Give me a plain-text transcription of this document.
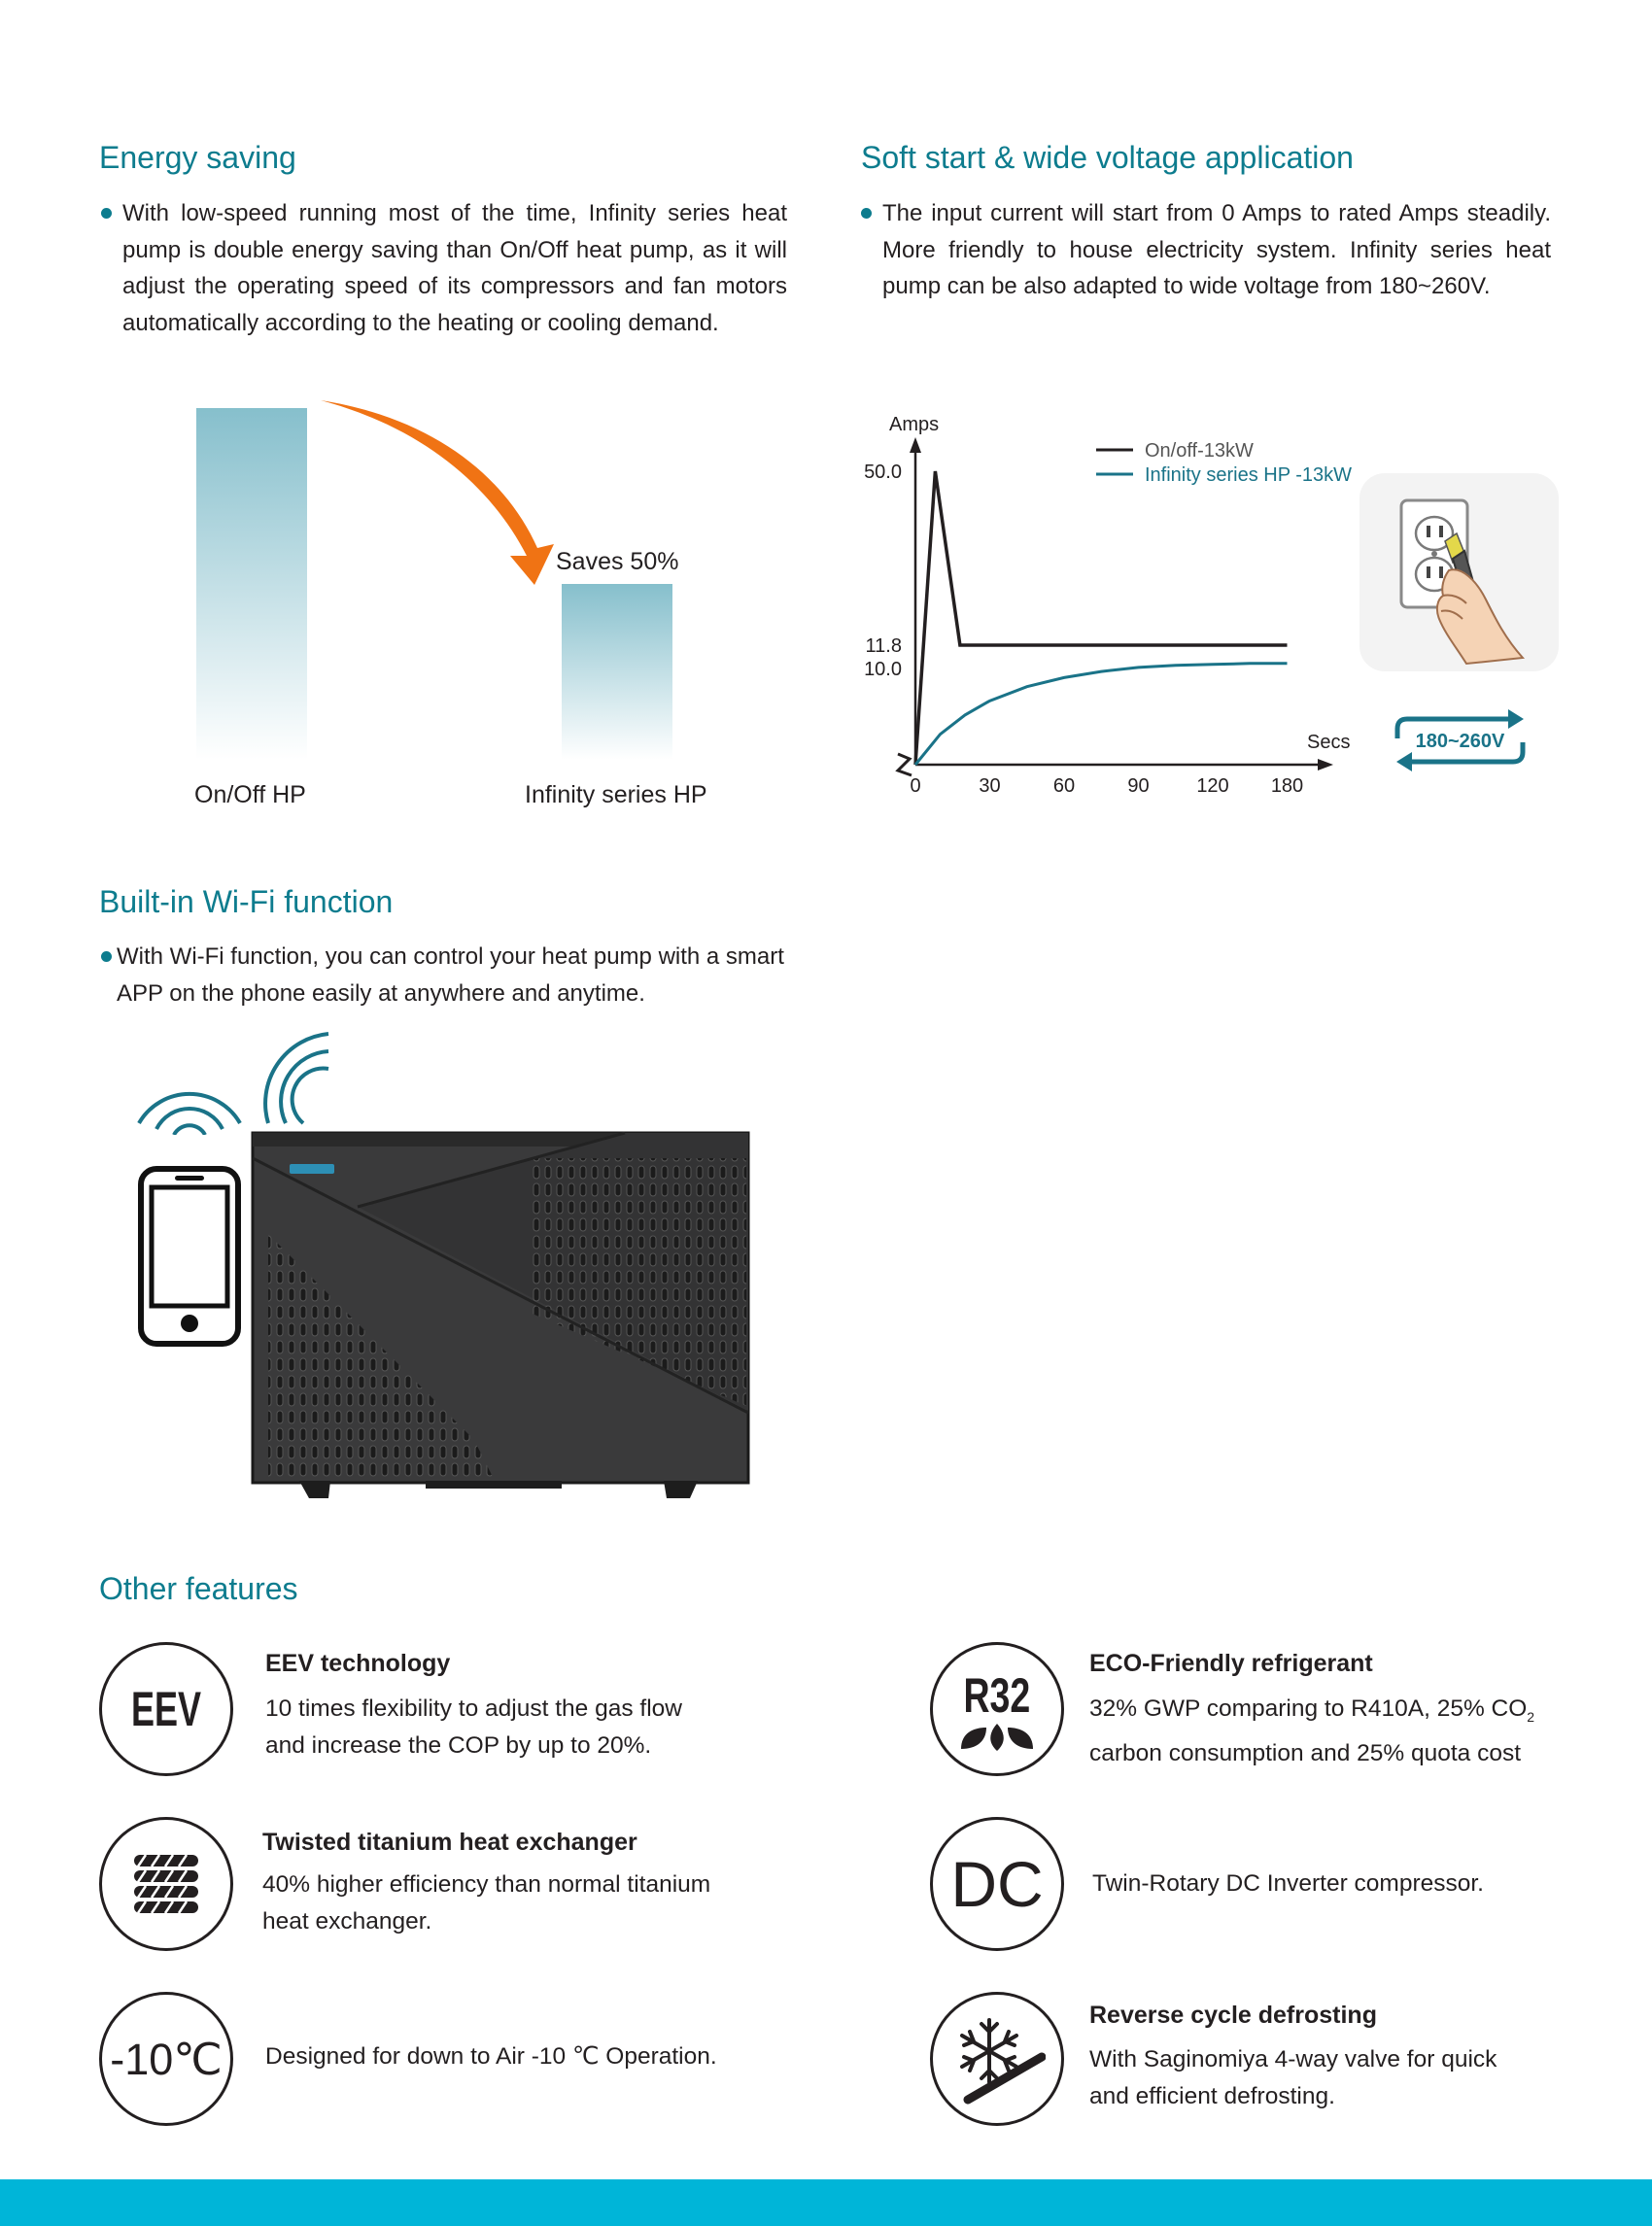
Energy saving

With low-speed running most of the time, Infinity series heat pump is double energy saving than On/Off heat pump, as it will adjust the operating speed of its compressors and fan motors automatically according to the heating or cooling demand.

Saves 50%
On/Off HP	Infinity series HP
Soft start & wide voltage application

The input current will start from 0 Amps to rated Amps steadily. More friendly to house electricity system. Infinity series heat pump can be also adapted to wide voltage from 180~260V.

Amps
Secs
50.0
11.8
10.0
0	30	60	90 120 180
On/off-13kW
Infinity series HP -13kW
180~260V
Built-in Wi-Fi function

With Wi-Fi function, you can control your heat pump with a smart APP on the phone easily at anywhere and anytime.

Other features
EEV
EEV technology
10 times flexibility to adjust the gas flow
and increase the COP by up to 20%.
R32
ECO-Friendly refrigerant
32% GWP comparing to R410A, 25% $CO_2$
carbon consumption and 25% quota cost
Twisted titanium heat exchanger
40% higher efficiency than normal titanium
heat exchanger.
DC Twin-Rotary DC Inverter compressor.
-10℃ Designed for down to Air -10 ℃ Operation.
Reverse cycle defrosting
With Saginomiya 4-way valve for quick
and efficient defrosting.
